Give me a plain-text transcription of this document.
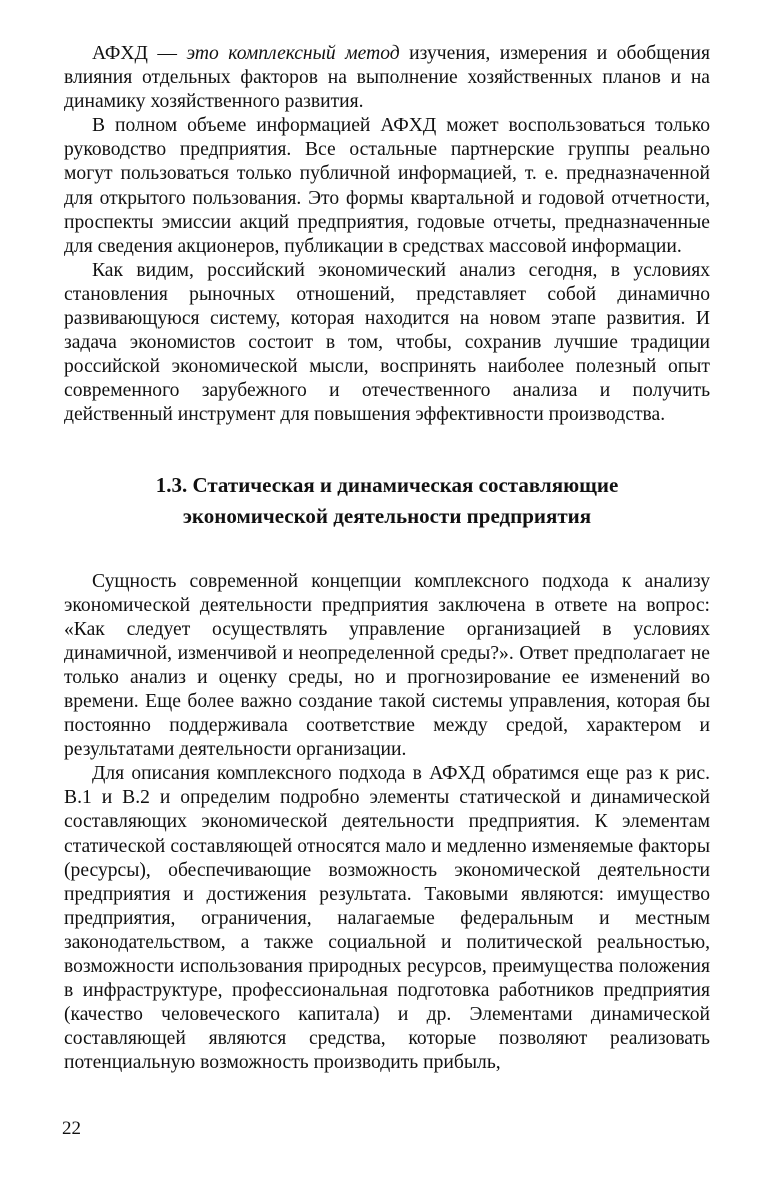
АФХД — это комплексный метод изучения, измерения и обобщения влияния отдельных факторов на выполнение хозяйственных планов и на динамику хозяйственного развития.

В полном объеме информацией АФХД может воспользоваться только руководство предприятия. Все остальные партнерские группы реально могут пользоваться только публичной информацией, т. е. предназначенной для открытого пользования. Это формы квартальной и годовой отчетности, проспекты эмиссии акций предприятия, годовые отчеты, предназначенные для сведения акционеров, публикации в средствах массовой информации.

Как видим, российский экономический анализ сегодня, в условиях становления рыночных отношений, представляет собой динамично развивающуюся систему, которая находится на новом этапе развития. И задача экономистов состоит в том, чтобы, сохранив лучшие традиции российской экономической мысли, воспринять наиболее полезный опыт современного зарубежного и отечественного анализа и получить действенный инструмент для повышения эффективности производства.

1.3. Статическая и динамическая составляющие
экономической деятельности предприятия

Сущность современной концепции комплексного подхода к анализу экономической деятельности предприятия заключена в ответе на вопрос: «Как следует осуществлять управление организацией в условиях динамичной, изменчивой и неопределенной среды?». Ответ предполагает не только анализ и оценку среды, но и прогнозирование ее изменений во времени. Еще более важно создание такой системы управления, которая бы постоянно поддерживала соответствие между средой, характером и результатами деятельности организации.

Для описания комплексного подхода в АФХД обратимся еще раз к рис. В.1 и В.2 и определим подробно элементы статической и динамической составляющих экономической деятельности предприятия. К элементам статической составляющей относятся мало и медленно изменяемые факторы (ресурсы), обеспечивающие возможность экономической деятельности предприятия и достижения результата. Таковыми являются: имущество предприятия, ограничения, налагаемые федеральным и местным законодательством, а также социальной и политической реальностью, возможности использования природных ресурсов, преимущества положения в инфраструктуре, профессиональная подготовка работников предприятия (качество человеческого капитала) и др. Элементами динамической составляющей являются средства, которые позволяют реализовать потенциальную возможность производить прибыль,

22
